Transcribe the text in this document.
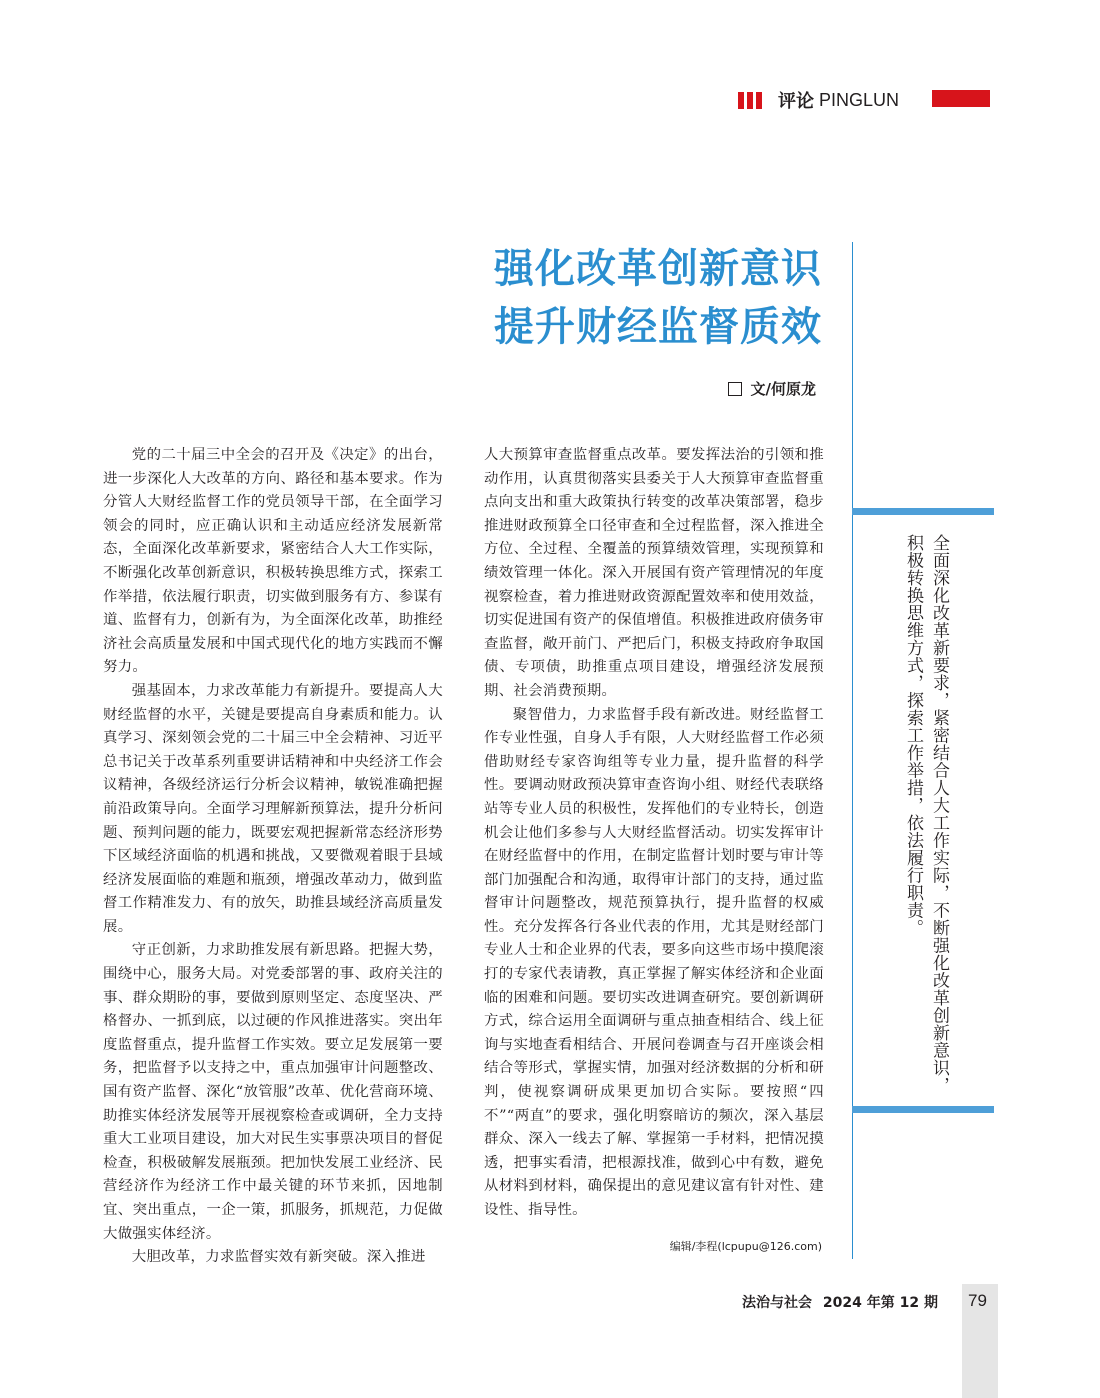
评论 PINGLUN
强化改革创新意识
提升财经监督质效
文/何原龙

党的二十届三中全会的召开及《决定》的出台，进一步深化人大改革的方向、路径和基本要求。作为分管人大财经监督工作的党员领导干部，在全面学习领会的同时，应正确认识和主动适应经济发展新常态，全面深化改革新要求，紧密结合人大工作实际，不断强化改革创新意识，积极转换思维方式，探索工作举措，依法履行职责，切实做到服务有方、参谋有道、监督有力，创新有为，为全面深化改革，助推经济社会高质量发展和中国式现代化的地方实践而不懈努力。

强基固本，力求改革能力有新提升。要提高人大财经监督的水平，关键是要提高自身素质和能力。认真学习、深刻领会党的二十届三中全会精神、习近平总书记关于改革系列重要讲话精神和中央经济工作会议精神，各级经济运行分析会议精神，敏锐准确把握前沿政策导向。全面学习理解新预算法，提升分析问题、预判问题的能力，既要宏观把握新常态经济形势下区域经济面临的机遇和挑战，又要微观着眼于县域经济发展面临的难题和瓶颈，增强改革动力，做到监督工作精准发力、有的放矢，助推县域经济高质量发展。

守正创新，力求助推发展有新思路。把握大势，围绕中心，服务大局。对党委部署的事、政府关注的事、群众期盼的事，要做到原则坚定、态度坚决、严格督办、一抓到底，以过硬的作风推进落实。突出年度监督重点，提升监督工作实效。要立足发展第一要务，把监督予以支持之中，重点加强审计问题整改、国有资产监督、深化“放管服”改革、优化营商环境、助推实体经济发展等开展视察检查或调研，全力支持重大工业项目建设，加大对民生实事票决项目的督促检查，积极破解发展瓶颈。把加快发展工业经济、民营经济作为经济工作中最关键的环节来抓，因地制宜、突出重点，一企一策，抓服务，抓规范，力促做大做强实体经济。

大胆改革，力求监督实效有新突破。深入推进

人大预算审查监督重点改革。要发挥法治的引领和推动作用，认真贯彻落实县委关于人大预算审查监督重点向支出和重大政策执行转变的改革决策部署，稳步推进财政预算全口径审查和全过程监督，深入推进全方位、全过程、全覆盖的预算绩效管理，实现预算和绩效管理一体化。深入开展国有资产管理情况的年度视察检查，着力推进财政资源配置效率和使用效益，切实促进国有资产的保值增值。积极推进政府债务审查监督，敞开前门、严把后门，积极支持政府争取国债、专项债，助推重点项目建设，增强经济发展预期、社会消费预期。

聚智借力，力求监督手段有新改进。财经监督工作专业性强，自身人手有限，人大财经监督工作必须借助财经专家咨询组等专业力量，提升监督的科学性。要调动财政预决算审查咨询小组、财经代表联络站等专业人员的积极性，发挥他们的专业特长，创造机会让他们多参与人大财经监督活动。切实发挥审计在财经监督中的作用，在制定监督计划时要与审计等部门加强配合和沟通，取得审计部门的支持，通过监督审计问题整改，规范预算执行，提升监督的权威性。充分发挥各行各业代表的作用，尤其是财经部门专业人士和企业界的代表，要多向这些市场中摸爬滚打的专家代表请教，真正掌握了解实体经济和企业面临的困难和问题。要切实改进调查研究。要创新调研方式，综合运用全面调研与重点抽查相结合、线上征询与实地查看相结合、开展问卷调查与召开座谈会相结合等形式，掌握实情，加强对经济数据的分析和研判，使视察调研成果更加切合实际。要按照“四不”“两直”的要求，强化明察暗访的频次，深入基层群众、深入一线去了解、掌握第一手材料，把情况摸透，把事实看清，把根源找准，做到心中有数，避免从材料到材料，确保提出的意见建议富有针对性、建设性、指导性。

编辑/李程(lcpupu@126.com)
全面深化改革新要求，紧密结合人大工作实际，不断强化改革创新意识，积极转换思维方式，探索工作举措，依法履行职责。
法治与社会 2024 年第 12 期 79
